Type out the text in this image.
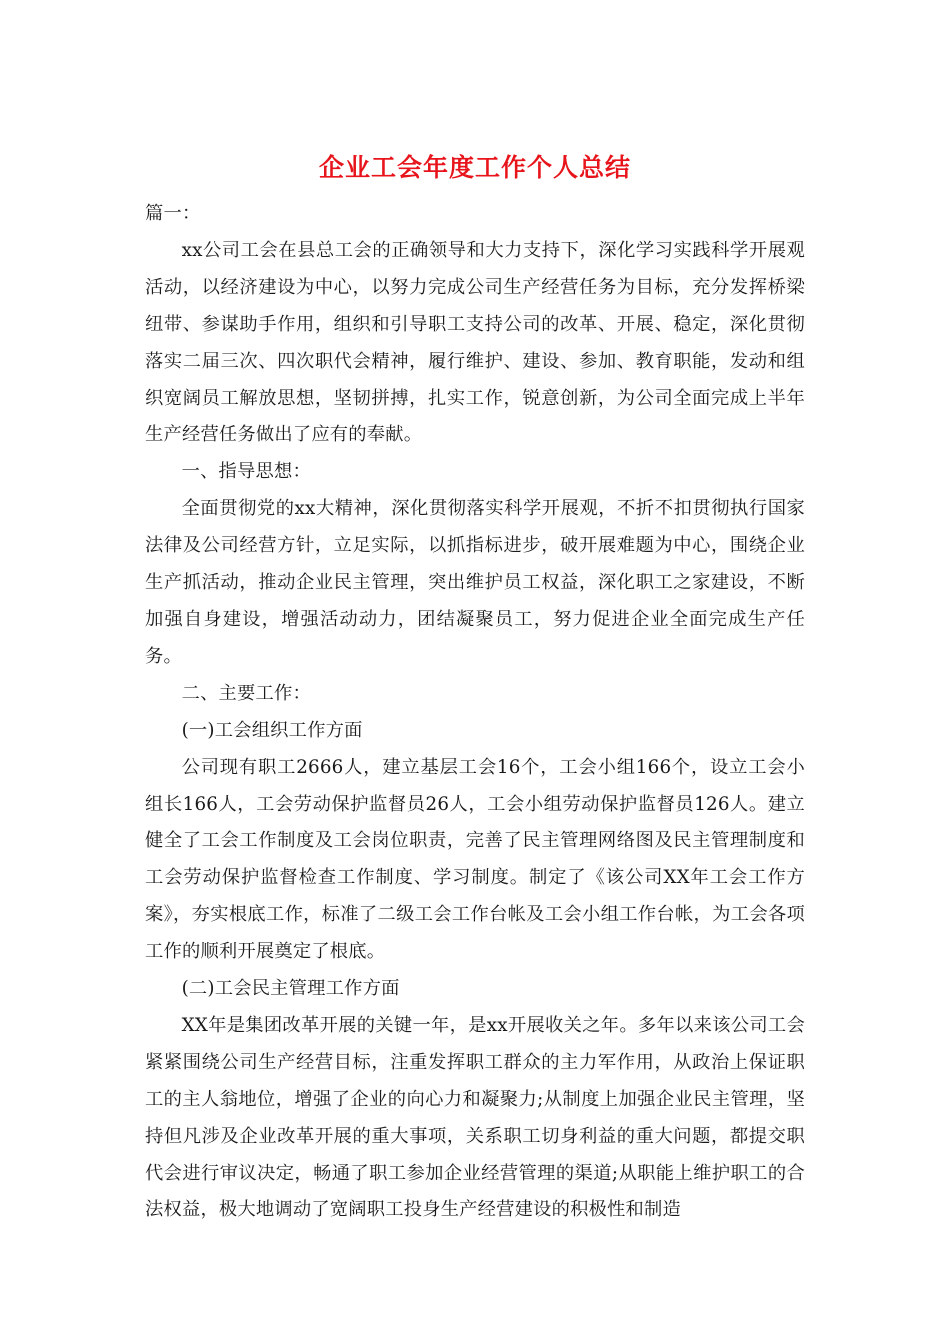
企业工会年度工作个人总结

篇一：

xx公司工会在县总工会的正确领导和大力支持下，深化学习实践科学开展观活动，以经济建设为中心，以努力完成公司生产经营任务为目标，充分发挥桥梁纽带、参谋助手作用，组织和引导职工支持公司的改革、开展、稳定，深化贯彻落实二届三次、四次职代会精神，履行维护、建设、参加、教育职能，发动和组织宽阔员工解放思想，坚韧拼搏，扎实工作，锐意创新，为公司全面完成上半年生产经营任务做出了应有的奉献。

一、指导思想：

全面贯彻党的xx大精神，深化贯彻落实科学开展观，不折不扣贯彻执行国家法律及公司经营方针，立足实际，以抓指标进步，破开展难题为中心，围绕企业生产抓活动，推动企业民主管理，突出维护员工权益，深化职工之家建设，不断加强自身建设，增强活动动力，团结凝聚员工，努力促进企业全面完成生产任务。

二、主要工作：

(一)工会组织工作方面

公司现有职工2666人，建立基层工会16个，工会小组166个，设立工会小组长166人，工会劳动保护监督员26人，工会小组劳动保护监督员126人。建立健全了工会工作制度及工会岗位职责，完善了民主管理网络图及民主管理制度和工会劳动保护监督检查工作制度、学习制度。制定了《该公司XX年工会工作方案》，夯实根底工作，标准了二级工会工作台帐及工会小组工作台帐，为工会各项工作的顺利开展奠定了根底。

(二)工会民主管理工作方面

XX年是集团改革开展的关键一年，是xx开展收关之年。多年以来该公司工会紧紧围绕公司生产经营目标，注重发挥职工群众的主力军作用，从政治上保证职工的主人翁地位，增强了企业的向心力和凝聚力;从制度上加强企业民主管理，坚持但凡涉及企业改革开展的重大事项，关系职工切身利益的重大问题，都提交职代会进行审议决定，畅通了职工参加企业经营管理的渠道;从职能上维护职工的合法权益，极大地调动了宽阔职工投身生产经营建设的积极性和制造
